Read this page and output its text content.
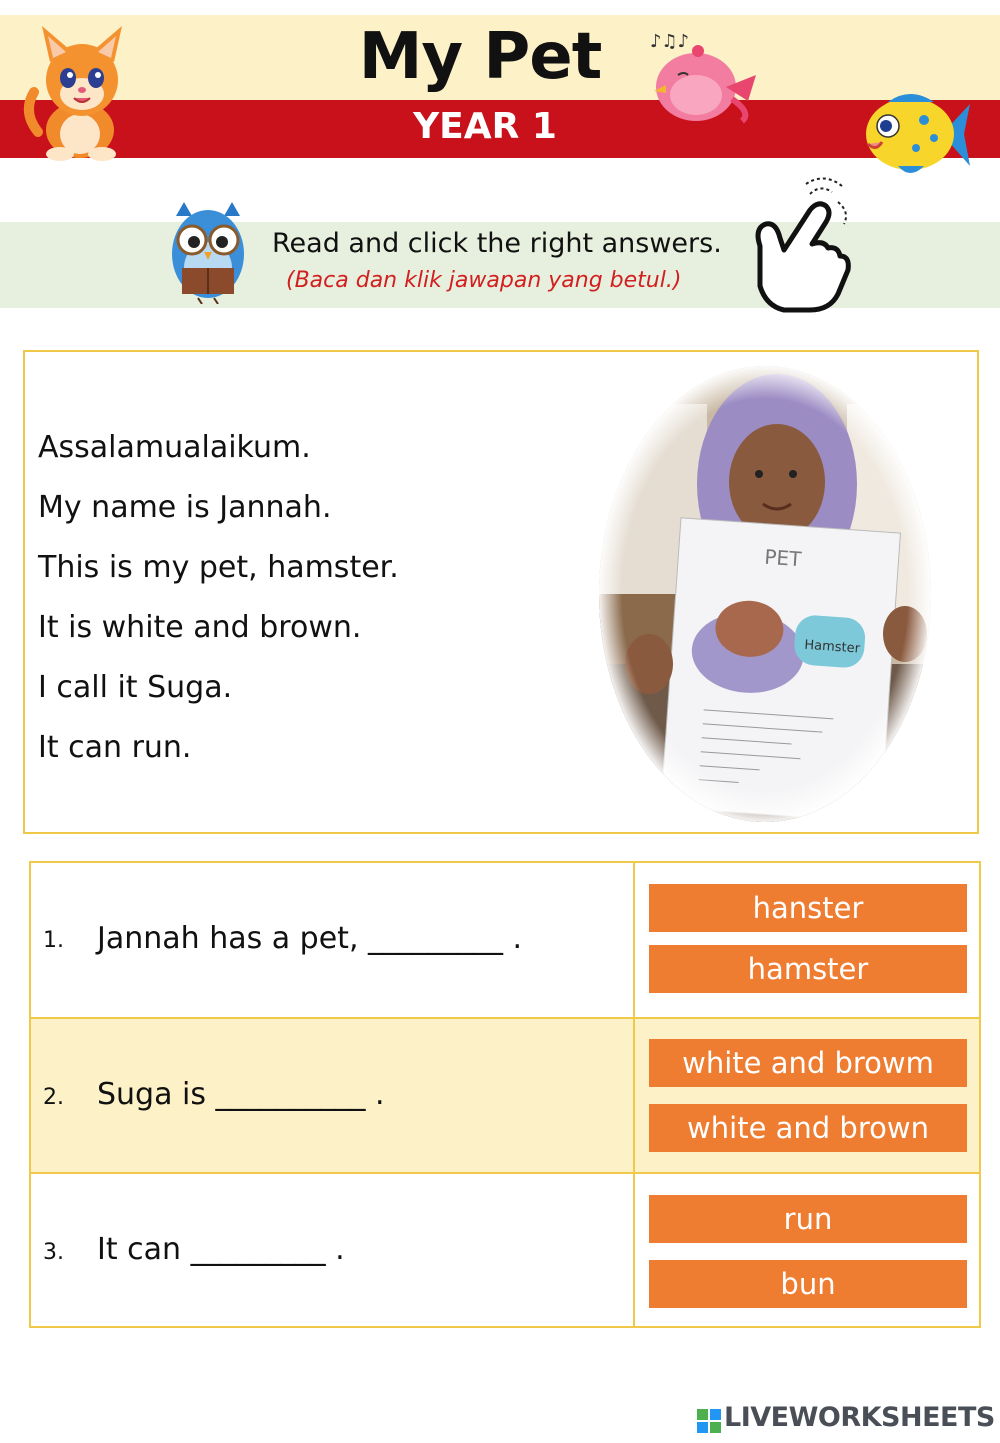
My Pet
YEAR 1
♪♫♪
Read and click the right answers.
(Baca dan klik jawapan yang betul.)
Assalamualaikum.
My name is Jannah.
This is my pet, hamster.
It is white and brown.
I call it Suga.
It can run.
1. Jannah has a pet, _________ .
hanster
hamster
2. Suga is __________ .
white and browm
white and brown
3. It can _________ .
run
bun
LIVEWORKSHEETS
